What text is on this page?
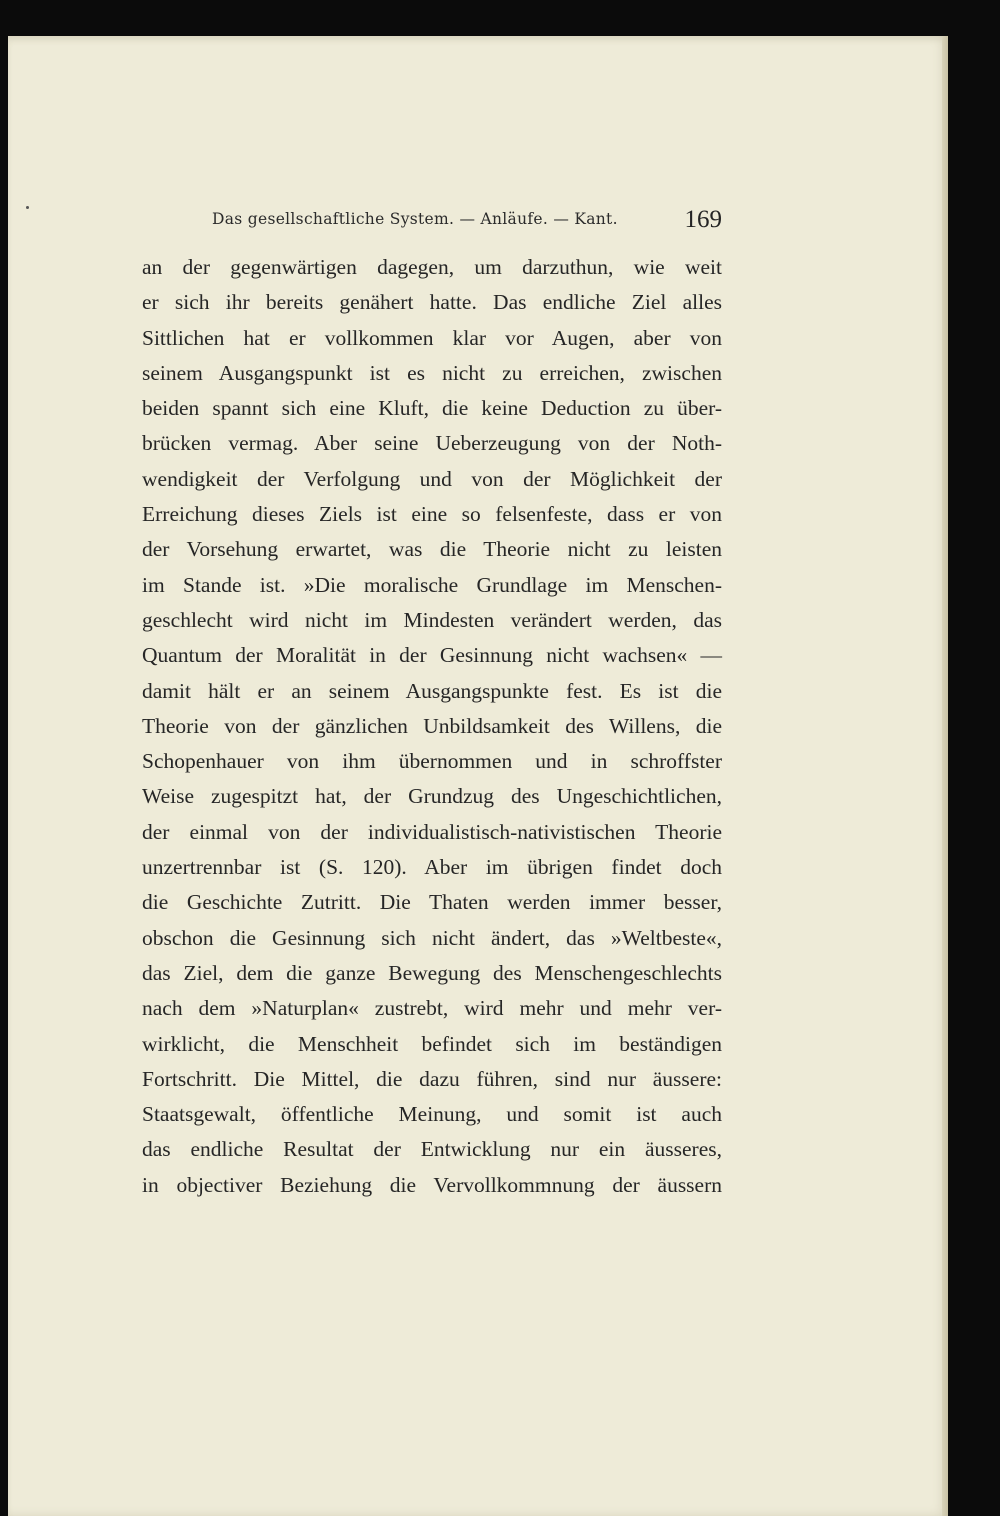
Das gesellschaftliche System. — Anläufe. — Kant.	169
an der gegenwärtigen dagegen, um darzuthun, wie weit
er sich ihr bereits genähert hatte. Das endliche Ziel alles
Sittlichen hat er vollkommen klar vor Augen, aber von
seinem Ausgangspunkt ist es nicht zu erreichen, zwischen
beiden spannt sich eine Kluft, die keine Deduction zu über-
brücken vermag. Aber seine Ueberzeugung von der Noth-
wendigkeit der Verfolgung und von der Möglichkeit der
Erreichung dieses Ziels ist eine so felsenfeste, dass er von
der Vorsehung erwartet, was die Theorie nicht zu leisten
im Stande ist. »Die moralische Grundlage im Menschen-
geschlecht wird nicht im Mindesten verändert werden, das
Quantum der Moralität in der Gesinnung nicht wachsen« —
damit hält er an seinem Ausgangspunkte fest. Es ist die
Theorie von der gänzlichen Unbildsamkeit des Willens, die
Schopenhauer von ihm übernommen und in schroffster
Weise zugespitzt hat, der Grundzug des Ungeschichtlichen,
der einmal von der individualistisch-nativistischen Theorie
unzertrennbar ist (S. 120). Aber im übrigen findet doch
die Geschichte Zutritt. Die Thaten werden immer besser,
obschon die Gesinnung sich nicht ändert, das »Weltbeste«,
das Ziel, dem die ganze Bewegung des Menschengeschlechts
nach dem »Naturplan« zustrebt, wird mehr und mehr ver-
wirklicht, die Menschheit befindet sich im beständigen
Fortschritt. Die Mittel, die dazu führen, sind nur äussere:
Staatsgewalt, öffentliche Meinung, und somit ist auch
das endliche Resultat der Entwicklung nur ein äusseres,
in objectiver Beziehung die Vervollkommnung der äussern
